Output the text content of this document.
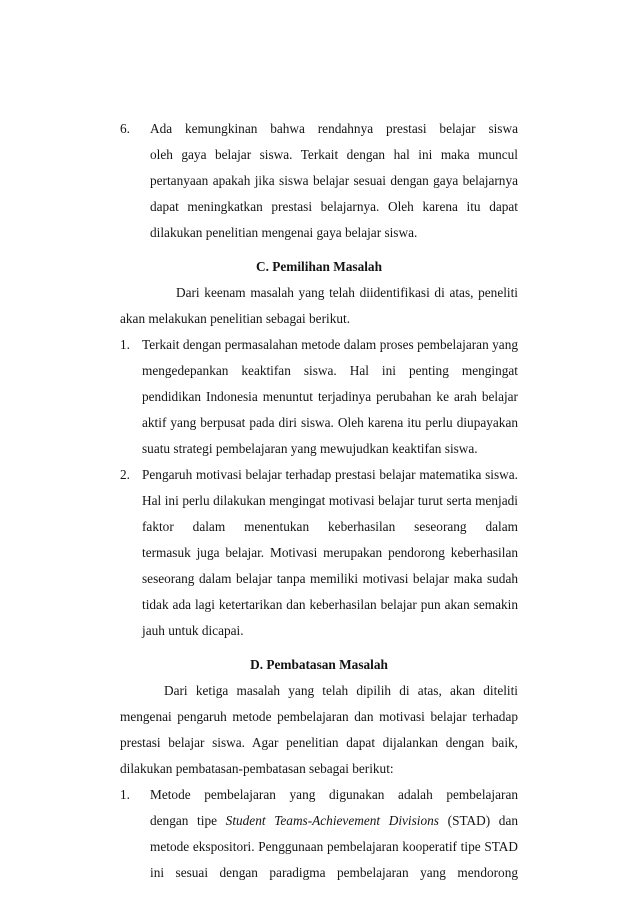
6. Ada kemungkinan bahwa rendahnya prestasi belajar siswa
oleh gaya belajar siswa. Terkait dengan hal ini maka muncul
pertanyaan apakah jika siswa belajar sesuai dengan gaya belajarnya
dapat meningkatkan prestasi belajarnya. Oleh karena itu dapat
dilakukan penelitian mengenai gaya belajar siswa.
C. Pemilihan Masalah
Dari keenam masalah yang telah diidentifikasi di atas, peneliti
akan melakukan penelitian sebagai berikut.
1. Terkait dengan permasalahan metode dalam proses pembelajaran yang
mengedepankan keaktifan siswa. Hal ini penting mengingat
pendidikan Indonesia menuntut terjadinya perubahan ke arah belajar
aktif yang berpusat pada diri siswa. Oleh karena itu perlu diupayakan
suatu strategi pembelajaran yang mewujudkan keaktifan siswa.
2. Pengaruh motivasi belajar terhadap prestasi belajar matematika siswa.
Hal ini perlu dilakukan mengingat motivasi belajar turut serta menjadi
faktor dalam menentukan keberhasilan seseorang dalam
termasuk juga belajar. Motivasi merupakan pendorong keberhasilan
seseorang dalam belajar tanpa memiliki motivasi belajar maka sudah
tidak ada lagi ketertarikan dan keberhasilan belajar pun akan semakin
jauh untuk dicapai.
D. Pembatasan Masalah
Dari ketiga masalah yang telah dipilih di atas, akan diteliti
mengenai pengaruh metode pembelajaran dan motivasi belajar terhadap
prestasi belajar siswa. Agar penelitian dapat dijalankan dengan baik,
dilakukan pembatasan-pembatasan sebagai berikut:
1. Metode pembelajaran yang digunakan adalah pembelajaran
dengan tipe Student Teams-Achievement Divisions (STAD) dan
metode ekspositori. Penggunaan pembelajaran kooperatif tipe STAD
ini sesuai dengan paradigma pembelajaran yang mendorong
